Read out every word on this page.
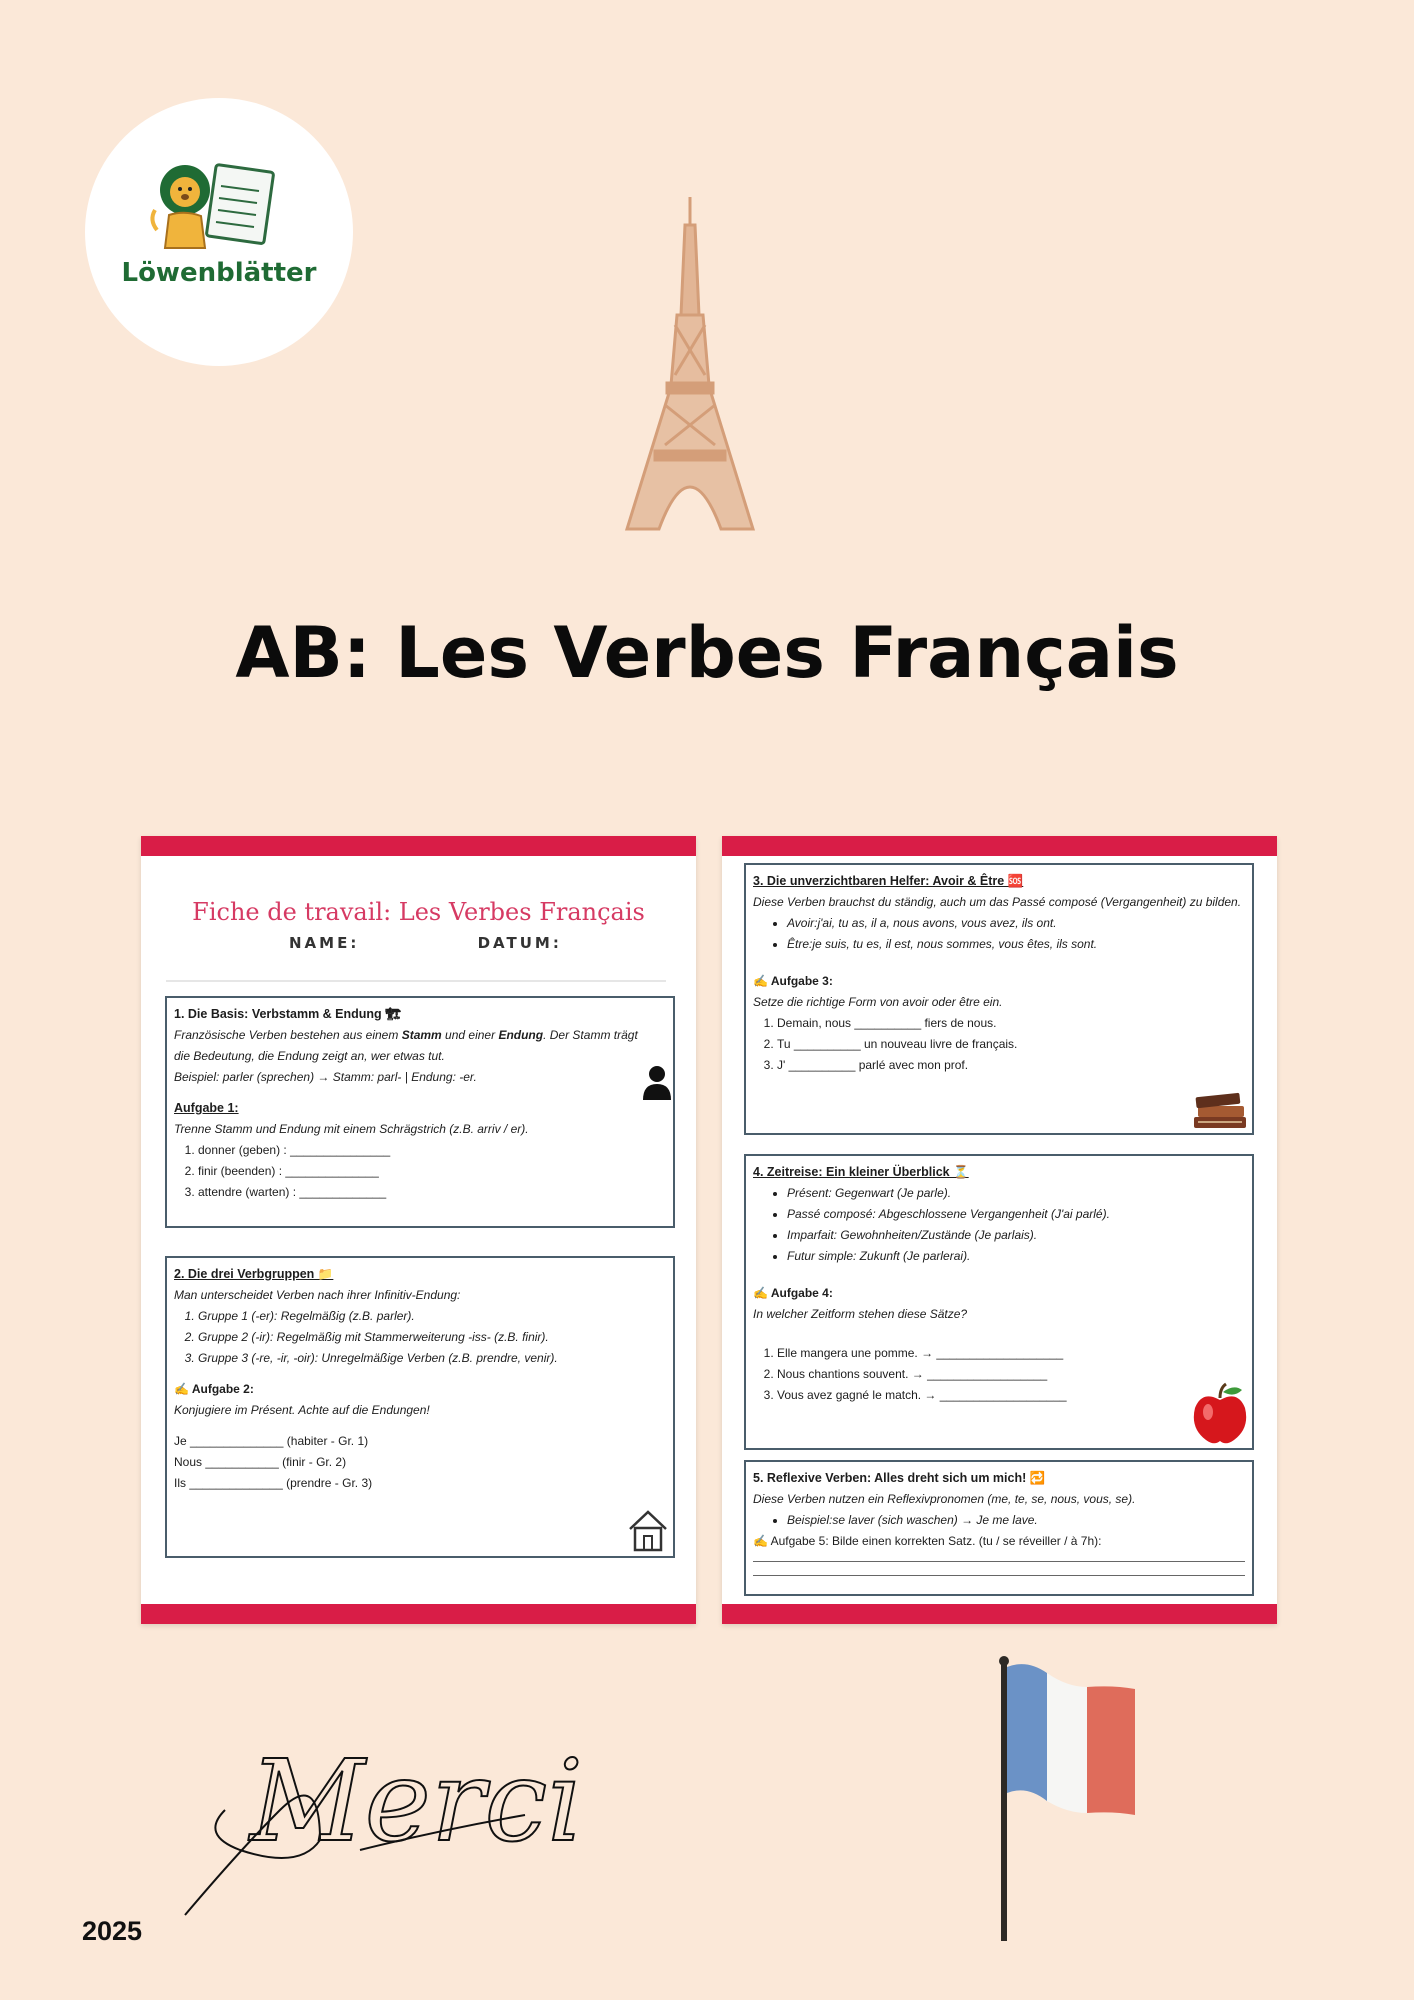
Löwenblätter
AB: Les Verbes Français
Fiche de travail: Les Verbes Français
NAME:	DATUM:
1. Die Basis: Verbstamm & Endung 🏗
Französische Verben bestehen aus einem Stamm und einer Endung. Der Stamm trägt die Bedeutung, die Endung zeigt an, wer etwas tut.
Beispiel: parler (sprechen) → Stamm: parl- | Endung: -er.
Aufgabe 1:
Trenne Stamm und Endung mit einem Schrägstrich (z.B. arriv / er).
1. donner (geben) : _______________
2. finir (beenden) : ______________
3. attendre (warten) : _____________
2. Die drei Verbgruppen 📁
Man unterscheidet Verben nach ihrer Infinitiv-Endung:
1. Gruppe 1 (-er): Regelmäßig (z.B. parler).
2. Gruppe 2 (-ir): Regelmäßig mit Stammerweiterung -iss- (z.B. finir).
3. Gruppe 3 (-re, -ir, -oir): Unregelmäßige Verben (z.B. prendre, venir).
✍️ Aufgabe 2:
Konjugiere im Présent. Achte auf die Endungen!
Je ______________ (habiter - Gr. 1)
Nous ___________ (finir - Gr. 2)
Ils ______________ (prendre - Gr. 3)
3. Die unverzichtbaren Helfer: Avoir & Être 🆘
Diese Verben brauchst du ständig, auch um das Passé composé (Vergangenheit) zu bilden.
• Avoir:j'ai, tu as, il a, nous avons, vous avez, ils ont.
• Être:je suis, tu es, il est, nous sommes, vous êtes, ils sont.
✍️ Aufgabe 3:
Setze die richtige Form von avoir oder être ein.
1. Demain, nous __________ fiers de nous.
2. Tu __________ un nouveau livre de français.
3. J' __________ parlé avec mon prof.
4. Zeitreise: Ein kleiner Überblick ⏳
• Présent: Gegenwart (Je parle).
• Passé composé: Abgeschlossene Vergangenheit (J'ai parlé).
• Imparfait: Gewohnheiten/Zustände (Je parlais).
• Futur simple: Zukunft (Je parlerai).
✍️ Aufgabe 4:
In welcher Zeitform stehen diese Sätze?
1. Elle mangera une pomme. → ___________________
2. Nous chantions souvent. → __________________
3. Vous avez gagné le match. → ___________________
5. Reflexive Verben: Alles dreht sich um mich! 🔁
Diese Verben nutzen ein Reflexivpronomen (me, te, se, nous, vous, se).
• Beispiel:se laver (sich waschen) → Je me lave.
✍️ Aufgabe 5: Bilde einen korrekten Satz. (tu / se réveiller / à 7h):
Merci
2025
